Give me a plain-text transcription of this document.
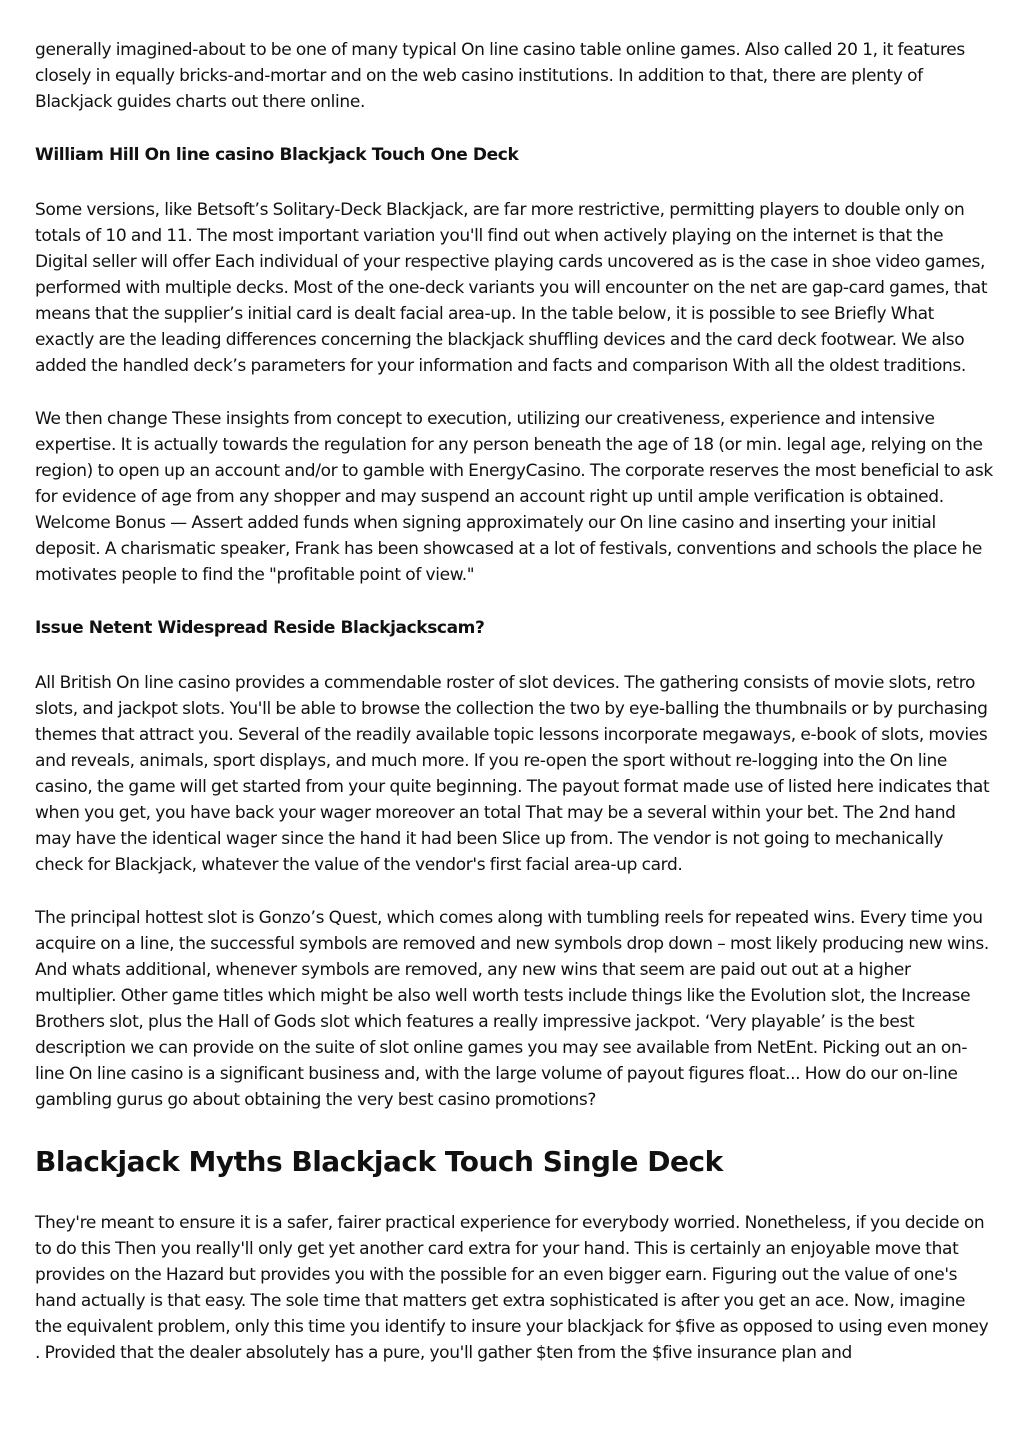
generally imagined-about to be one of many typical On line casino table online games. Also called 20 1, it features closely in equally bricks-and-mortar and on the web casino institutions. In addition to that, there are plenty of Blackjack guides charts out there online.

William Hill On line casino Blackjack Touch One Deck

Some versions, like Betsoft’s Solitary-Deck Blackjack, are far more restrictive, permitting players to double only on totals of 10 and 11. The most important variation you'll find out when actively playing on the internet is that the Digital seller will offer Each individual of your respective playing cards uncovered as is the case in shoe video games, performed with multiple decks. Most of the one-deck variants you will encounter on the net are gap-card games, that means that the supplier’s initial card is dealt facial area-up. In the table below, it is possible to see Briefly What exactly are the leading differences concerning the blackjack shuffling devices and the card deck footwear. We also added the handled deck’s parameters for your information and facts and comparison With all the oldest traditions.

We then change These insights from concept to execution, utilizing our creativeness, experience and intensive expertise. It is actually towards the regulation for any person beneath the age of 18 (or min. legal age, relying on the region) to open up an account and/or to gamble with EnergyCasino. The corporate reserves the most beneficial to ask for evidence of age from any shopper and may suspend an account right up until ample verification is obtained. Welcome Bonus — Assert added funds when signing approximately our On line casino and inserting your initial deposit. A charismatic speaker, Frank has been showcased at a lot of festivals, conventions and schools the place he motivates people to find the "profitable point of view."

Issue Netent Widespread Reside Blackjackscam?

All British On line casino provides a commendable roster of slot devices. The gathering consists of movie slots, retro slots, and jackpot slots. You'll be able to browse the collection the two by eye-balling the thumbnails or by purchasing themes that attract you. Several of the readily available topic lessons incorporate megaways, e-book of slots, movies and reveals, animals, sport displays, and much more. If you re-open the sport without re-logging into the On line casino, the game will get started from your quite beginning. The payout format made use of listed here indicates that when you get, you have back your wager moreover an total That may be a several within your bet. The 2nd hand may have the identical wager since the hand it had been Slice up from. The vendor is not going to mechanically check for Blackjack, whatever the value of the vendor's first facial area-up card.

The principal hottest slot is Gonzo’s Quest, which comes along with tumbling reels for repeated wins. Every time you acquire on a line, the successful symbols are removed and new symbols drop down – most likely producing new wins. And whats additional, whenever symbols are removed, any new wins that seem are paid out out at a higher multiplier. Other game titles which might be also well worth tests include things like the Evolution slot, the Increase Brothers slot, plus the Hall of Gods slot which features a really impressive jackpot. ‘Very playable’ is the best description we can provide on the suite of slot online games you may see available from NetEnt. Picking out an on-line On line casino is a significant business and, with the large volume of payout figures float... How do our on-line gambling gurus go about obtaining the very best casino promotions?

Blackjack Myths Blackjack Touch Single Deck

They're meant to ensure it is a safer, fairer practical experience for everybody worried. Nonetheless, if you decide on to do this Then you really'll only get yet another card extra for your hand. This is certainly an enjoyable move that provides on the Hazard but provides you with the possible for an even bigger earn. Figuring out the value of one's hand actually is that easy. The sole time that matters get extra sophisticated is after you get an ace. Now, imagine the equivalent problem, only this time you identify to insure your blackjack for $five as opposed to using even money . Provided that the dealer absolutely has a pure, you'll gather $ten from the $five insurance plan and
